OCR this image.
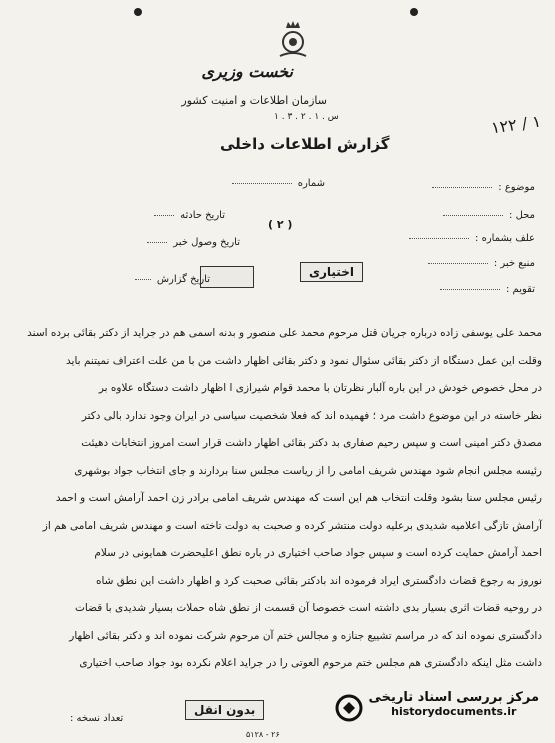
نخست وزیری
سازمان اطلاعات و امنیت کشور
س . ۱ . ۲ . ۳ . ۱
گزارش اطلاعات داخلی
۱۲۲ / ۱
موضوع :
شماره
محل :
تاریخ حادثه
علف بشماره :
تاریخ وصول خبر
منبع خبر :
تقویم :
تاریخ گزارش
( ۲ )
اختیاری

محمد علی یوسفی زاده درباره جریان قتل مرحوم محمد علی منصور و بدنه اسمی هم در جراید از دکتر بقائی برده اسند

وقلت این عمل دستگاه از دکتر بقائی سئوال نمود و دکتر بقائی اظهار داشت من با من علت اعتراف نمیتنم باید

در محل خصوص خودش در این باره آلبار نظرتان با محمد قوام شیرازی ا اظهار داشت دستگاه علاوه بر

نظر خاسته در این موضوع داشت مرد ؛ فهمیده اند که فعلا شخصیت سیاسی در ایران وجود ندارد بالی دکتر

مصدق دکتر امینی است و سپس رحیم صفاری بد دکتر بقائی اظهار داشت قرار است امروز انتخابات دهیئت

رئیسه مجلس انجام شود مهندس شریف امامی را از ریاست مجلس سنا بردارند و جای انتخاب جواد بوشهری

رئیس مجلس سنا بشود وقلت انتخاب هم این است که مهندس شریف امامی برادر زن احمد آرامش است و احمد

آرامش تازگی اعلامیه شدیدی برعلیه دولت منتشر کرده و صحبت به دولت تاخته است و مهندس شریف امامی هم از

احمد آرامش حمایت کرده است و سپس جواد صاحب اختیاری در باره نطق اعلیحضرت همایونی در سلام

نوروز به رجوع قضات دادگستری ایراد فرموده اند بادکتر بقائی صحبت کرد و اظهار داشت این نطق شاه

در روحیه قضات اثری بسیار بدی داشته است خصوصا آن قسمت از نطق شاه حملات بسیار شدیدی با قضات

دادگستری نموده اند که در مراسم تشییع جنازه و مجالس ختم آن مرحوم شرکت نموده اند و دکتر بقائی اظهار

داشت مثل اینکه دادگستری هم مجلس ختم مرحوم العوتی را در جراید اعلام نکرده بود جواد صاحب اختیاری

بدون انقل
تعداد نسخه :
۵۱۲۸ - ۲۶
مرکز بررسی اسناد تاریخی
historydocuments.ir
